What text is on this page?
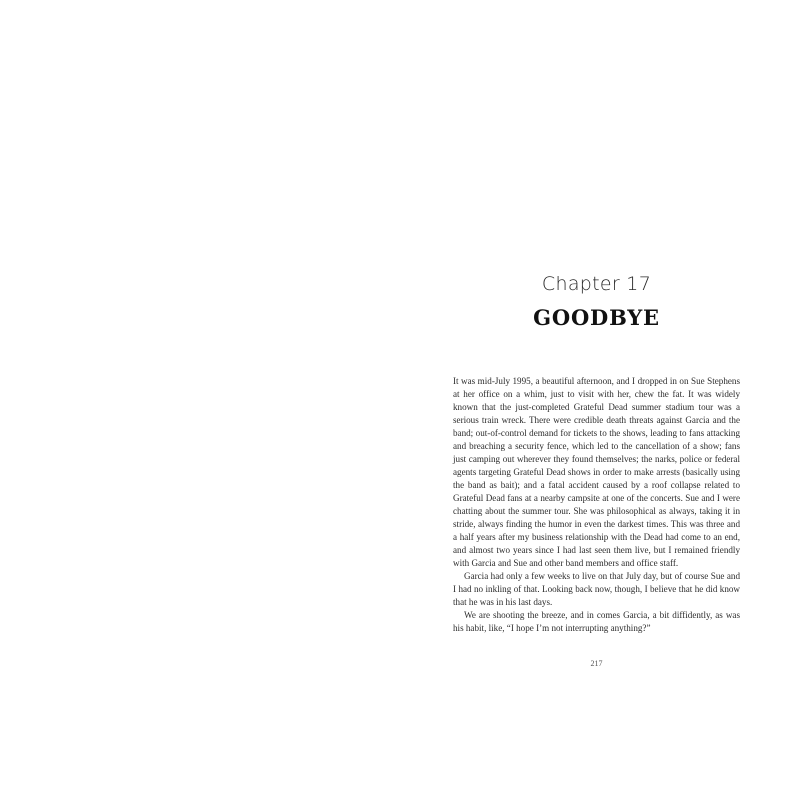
Chapter 17
GOODBYE

It was mid-July 1995, a beautiful afternoon, and I dropped in on Sue Stephens at her office on a whim, just to visit with her, chew the fat. It was widely known that the just-completed Grateful Dead summer stadium tour was a serious train wreck. There were credible death threats against Garcia and the band; out-of-control demand for tickets to the shows, leading to fans attacking and breaching a security fence, which led to the cancellation of a show; fans just camping out wherever they found themselves; the narks, police or federal agents targeting Grateful Dead shows in order to make arrests (basically using the band as bait); and a fatal accident caused by a roof collapse related to Grateful Dead fans at a nearby campsite at one of the concerts. Sue and I were chatting about the summer tour. She was philosophical as always, taking it in stride, always finding the humor in even the darkest times. This was three and a half years after my business relationship with the Dead had come to an end, and almost two years since I had last seen them live, but I remained friendly with Garcia and Sue and other band members and office staff.

Garcia had only a few weeks to live on that July day, but of course Sue and I had no inkling of that. Looking back now, though, I believe that he did know that he was in his last days.

We are shooting the breeze, and in comes Garcia, a bit diffidently, as was his habit, like, “I hope I’m not interrupting anything?”

217
